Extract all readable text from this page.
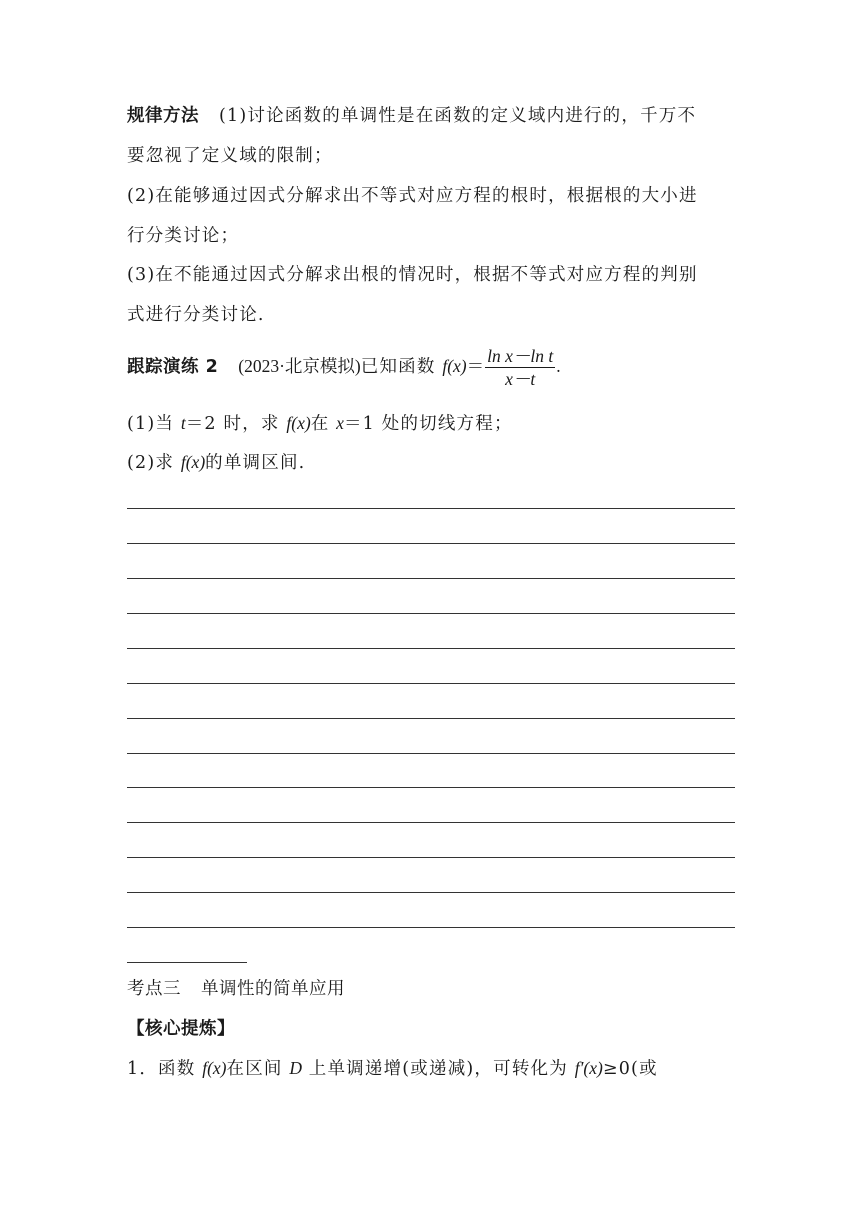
规律方法 (1)讨论函数的单调性是在函数的定义域内进行的，千万不
要忽视了定义域的限制；
(2)在能够通过因式分解求出不等式对应方程的根时，根据根的大小进
行分类讨论；
(3)在不能通过因式分解求出根的情况时，根据不等式对应方程的判别
式进行分类讨论.
跟踪演练 2 (2023·北京模拟)已知函数 $f(x)= \frac{\text{ln x－ln t}}{x-t}$ .
(1)当 t＝2 时，求 f(x)在 x＝1 处的切线方程；
(2)求 f(x)的单调区间.
考点三 单调性的简单应用
【核心提炼】
1．函数 f(x)在区间 D 上单调递增(或递减)，可转化为 f′(x)≥0(或
